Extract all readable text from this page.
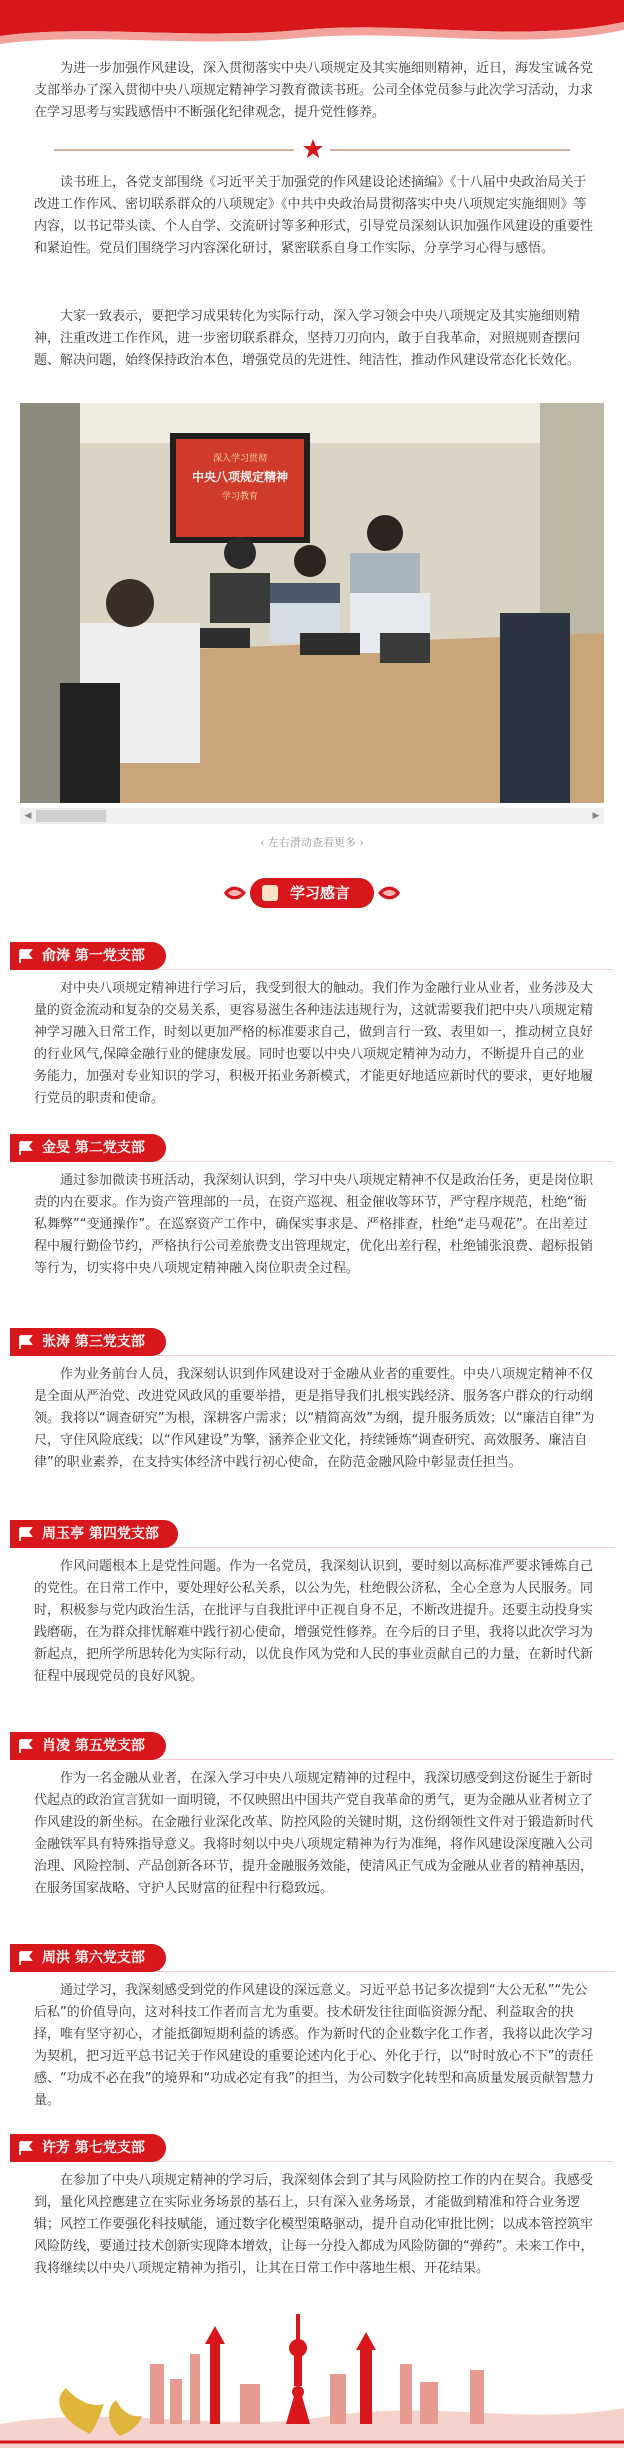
为进一步加强作风建设，深入贯彻落实中央八项规定及其实施细则精神，近日，海发宝诚各党支部举办了深入贯彻中央八项规定精神学习教育微读书班。公司全体党员参与此次学习活动，力求在学习思考与实践感悟中不断强化纪律观念，提升党性修养。

读书班上，各党支部围绕《习近平关于加强党的作风建设论述摘编》《十八届中央政治局关于改进工作作风、密切联系群众的八项规定》《中共中央政治局贯彻落实中央八项规定实施细则》等内容，以书记带头读、个人自学、交流研讨等多种形式，引导党员深刻认识加强作风建设的重要性和紧迫性。党员们围绕学习内容深化研讨，紧密联系自身工作实际，分享学习心得与感悟。

大家一致表示，要把学习成果转化为实际行动，深入学习领会中央八项规定及其实施细则精神，注重改进工作作风，进一步密切联系群众，坚持刀刃向内，敢于自我革命，对照规则查摆问题、解决问题，始终保持政治本色，增强党员的先进性、纯洁性，推动作风建设常态化长效化。

深入学习贯彻
中央八项规定精神
学习教育
◀	▶
‹ 左右滑动查看更多 ›
学习感言
俞涛 第一党支部

对中央八项规定精神进行学习后，我受到很大的触动。我们作为金融行业从业者，业务涉及大量的资金流动和复杂的交易关系，更容易滋生各种违法违规行为，这就需要我们把中央八项规定精神学习融入日常工作，时刻以更加严格的标准要求自己，做到言行一致、表里如一，推动树立良好的行业风气,保障金融行业的健康发展。同时也要以中央八项规定精神为动力，不断提升自己的业务能力，加强对专业知识的学习，积极开拓业务新模式，才能更好地适应新时代的要求，更好地履行党员的职责和使命。

金旻 第二党支部

通过参加微读书班活动，我深刻认识到，学习中央八项规定精神不仅是政治任务，更是岗位职责的内在要求。作为资产管理部的一员，在资产巡视、租金催收等环节，严守程序规范，杜绝“衙私舞弊”“变通操作”。在巡察资产工作中，确保实事求是、严格排查，杜绝“走马观花”。在出差过程中履行勤俭节约，严格执行公司差旅费支出管理规定，优化出差行程，杜绝铺张浪费、超标报销等行为，切实将中央八项规定精神融入岗位职责全过程。

张涛 第三党支部

作为业务前台人员，我深刻认识到作风建设对于金融从业者的重要性。中央八项规定精神不仅是全面从严治党、改进党风政风的重要举措，更是指导我们扎根实践经济、服务客户群众的行动纲领。我将以“调查研究”为根，深耕客户需求；以“精简高效”为纲，提升服务质效；以“廉洁自律”为尺，守住风险底线；以“作风建设”为擎，涵养企业文化，持续锤炼“调查研究、高效服务、廉洁自律”的职业素养，在支持实体经济中践行初心使命，在防范金融风险中彰显责任担当。

周玉亭 第四党支部

作风问题根本上是党性问题。作为一名党员，我深刻认识到，要时刻以高标准严要求锤炼自己的党性。在日常工作中，要处理好公私关系，以公为先，杜绝假公济私，全心全意为人民服务。同时，积极参与党内政治生活，在批评与自我批评中正视自身不足，不断改进提升。还要主动投身实践磨砺，在为群众排忧解难中践行初心使命，增强党性修养。在今后的日子里，我将以此次学习为新起点，把所学所思转化为实际行动，以优良作风为党和人民的事业贡献自己的力量，在新时代新征程中展现党员的良好风貌。

肖凌 第五党支部

作为一名金融从业者，在深入学习中央八项规定精神的过程中，我深切感受到这份诞生于新时代起点的政治宣言犹如一面明镜，不仅映照出中国共产党自我革命的勇气，更为金融从业者树立了作风建设的新坐标。在金融行业深化改革、防控风险的关键时期，这份纲领性文件对于锻造新时代金融铁军具有特殊指导意义。我将时刻以中央八项规定精神为行为准绳，将作风建设深度融入公司治理、风险控制、产品创新各环节，提升金融服务效能，使清风正气成为金融从业者的精神基因，在服务国家战略、守护人民财富的征程中行稳致远。

周洪 第六党支部

通过学习，我深刻感受到党的作风建设的深远意义。习近平总书记多次提到“大公无私”“先公后私”的价值导向，这对科技工作者而言尤为重要。技术研发往往面临资源分配、利益取舍的抉择，唯有坚守初心，才能抵御短期利益的诱惑。作为新时代的企业数字化工作者，我将以此次学习为契机，把习近平总书记关于作风建设的重要论述内化于心、外化于行，以“时时放心不下”的责任感、“功成不必在我”的境界和“功成必定有我”的担当，为公司数字化转型和高质量发展贡献智慧力量。

许芳 第七党支部

在参加了中央八项规定精神的学习后，我深刻体会到了其与风险防控工作的内在契合。我感受到，量化风控應建立在实际业务场景的基石上，只有深入业务场景，才能做到精准和符合业务逻辑；风控工作要强化科技赋能，通过数字化模型策略驱动，提升自动化审批比例；以成本管控筑牢风险防线，要通过技术创新实现降本增效，让每一分投入都成为风险防御的“弹药”。未来工作中，我将继续以中央八项规定精神为指引，让其在日常工作中落地生根、开花结果。
